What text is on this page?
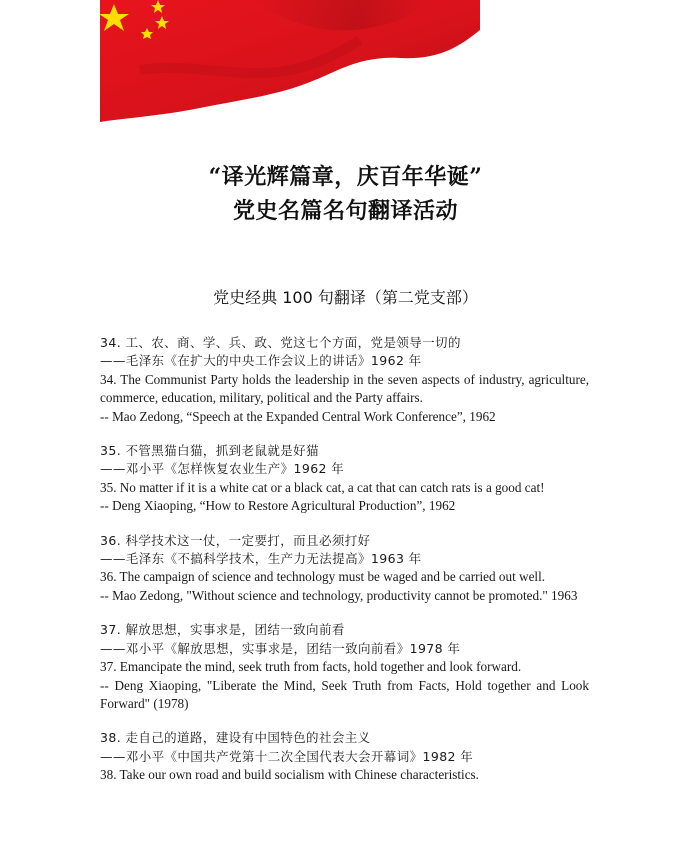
“译光辉篇章，庆百年华诞”
党史名篇名句翻译活动
党史经典 100 句翻译（第二党支部）
34. 工、农、商、学、兵、政、党这七个方面，党是领导一切的
——毛泽东《在扩大的中央工作会议上的讲话》1962 年
34. The Communist Party holds the leadership in the seven aspects of industry, agriculture, commerce, education, military, political and the Party affairs.
-- Mao Zedong, “Speech at the Expanded Central Work Conference”, 1962
35. 不管黑猫白猫，抓到老鼠就是好猫
——邓小平《怎样恢复农业生产》1962 年
35. No matter if it is a white cat or a black cat, a cat that can catch rats is a good cat!
-- Deng Xiaoping, “How to Restore Agricultural Production”, 1962
36. 科学技术这一仗，一定要打，而且必须打好
——毛泽东《不搞科学技术，生产力无法提高》1963 年
36. The campaign of science and technology must be waged and be carried out well.
-- Mao Zedong, "Without science and technology, productivity cannot be promoted." 1963
37. 解放思想，实事求是，团结一致向前看
——邓小平《解放思想，实事求是，团结一致向前看》1978 年
37. Emancipate the mind, seek truth from facts, hold together and look forward.
-- Deng Xiaoping, "Liberate the Mind, Seek Truth from Facts, Hold together and Look Forward" (1978)
38. 走自己的道路，建设有中国特色的社会主义
——邓小平《中国共产党第十二次全国代表大会开幕词》1982 年
38. Take our own road and build socialism with Chinese characteristics.
